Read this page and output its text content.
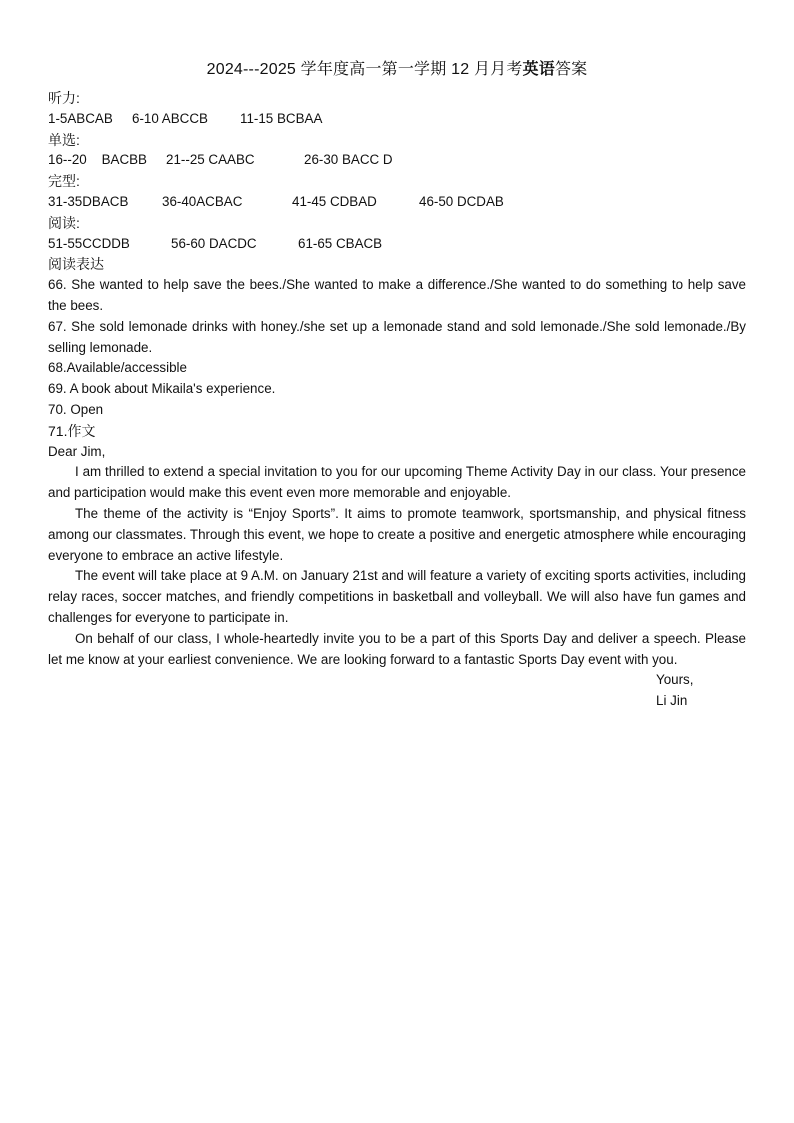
2024---2025 学年度高一第一学期 12 月月考英语答案
听力:
1-5ABCAB	6-10 ABCCB	11-15 BCBAA
单选:
16--20    BACBB	21--25 CAABC	26-30 BACC D
完型:
31-35DBACB	36-40ACBAC	41-45 CDBAD	46-50 DCDAB
阅读:
51-55CCDDB	56-60 DACDC	61-65 CBACB
阅读表达

66. She wanted to help save the bees./She wanted to make a difference./She wanted to do something to help save the bees.

67. She sold lemonade drinks with honey./she set up a lemonade stand and sold lemonade./She sold lemonade./By selling lemonade.

68.Available/accessible

69. A book about Mikaila's experience.

70. Open

71.作文

Dear Jim,

I am thrilled to extend a special invitation to you for our upcoming Theme Activity Day in our class. Your presence and participation would make this event even more memorable and enjoyable.

The theme of the activity is “Enjoy Sports”. It aims to promote teamwork, sportsmanship, and physical fitness among our classmates. Through this event, we hope to create a positive and energetic atmosphere while encouraging everyone to embrace an active lifestyle.

The event will take place at 9 A.M. on January 21st and will feature a variety of exciting sports activities, including relay races, soccer matches, and friendly competitions in basketball and volleyball. We will also have fun games and challenges for everyone to participate in.

On behalf of our class, I whole-heartedly invite you to be a part of this Sports Day and deliver a speech. Please let me know at your earliest convenience. We are looking forward to a fantastic Sports Day event with you.

Yours,
Li Jin
